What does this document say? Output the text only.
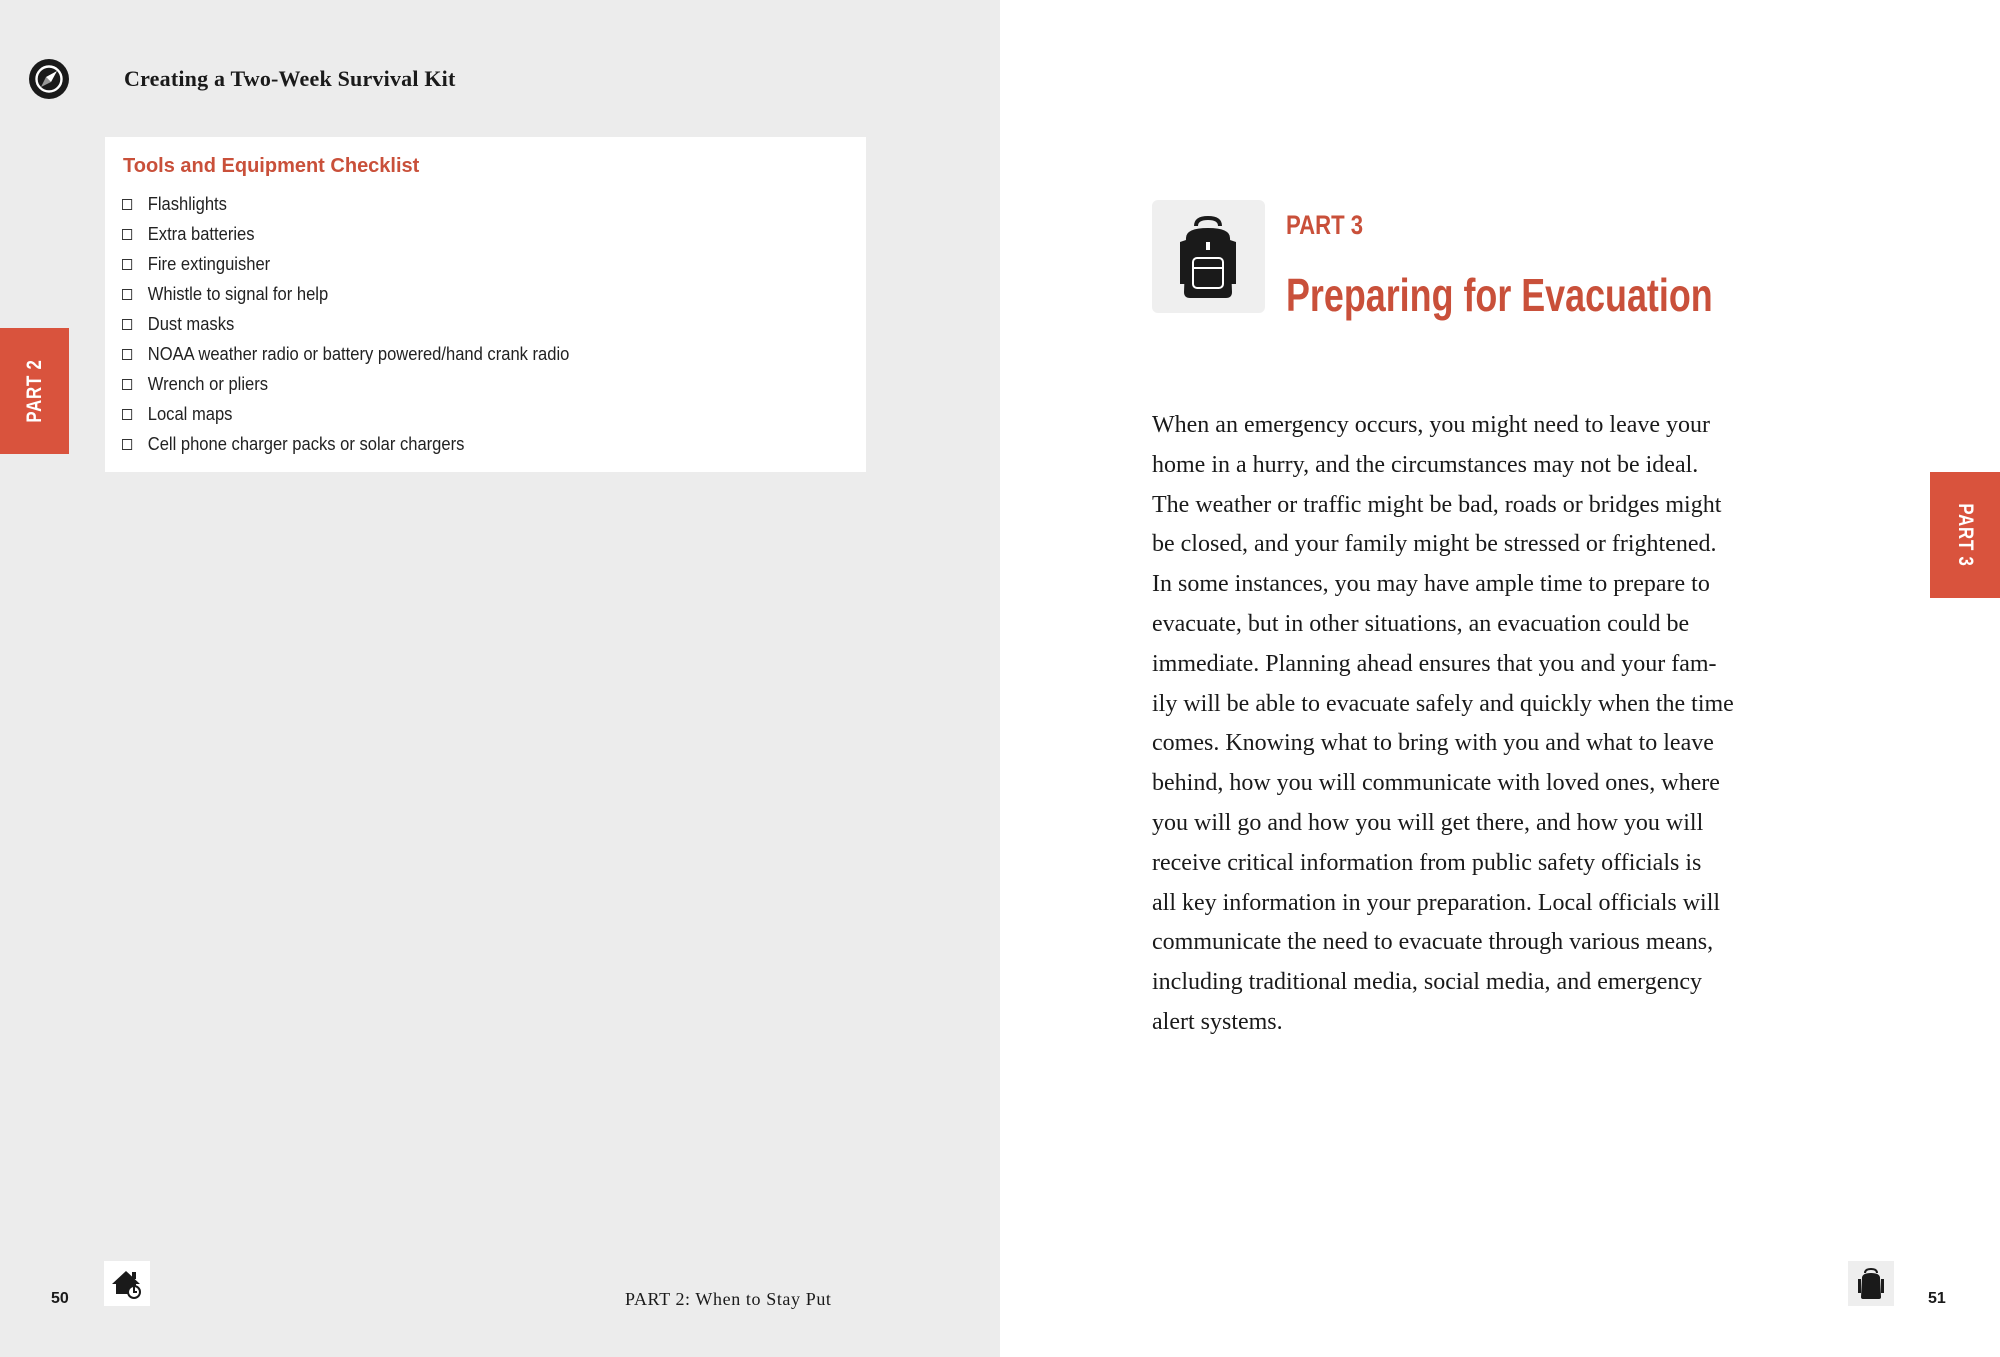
Creating a Two-Week Survival Kit
Tools and Equipment Checklist
Flashlights
Extra batteries
Fire extinguisher
Whistle to signal for help
Dust masks
NOAA weather radio or battery powered/hand crank radio
Wrench or pliers
Local maps
Cell phone charger packs or solar chargers
PART 2
50	PART 2: When to Stay Put
PART 3
Preparing for Evacuation

When an emergency occurs, you might need to leave your
home in a hurry, and the circumstances may not be ideal.
The weather or traffic might be bad, roads or bridges might
be closed, and your family might be stressed or frightened.
In some instances, you may have ample time to prepare to
evacuate, but in other situations, an evacuation could be
immediate. Planning ahead ensures that you and your fam-
ily will be able to evacuate safely and quickly when the time
comes. Knowing what to bring with you and what to leave
behind, how you will communicate with loved ones, where
you will go and how you will get there, and how you will
receive critical information from public safety officials is
all key information in your preparation. Local officials will
communicate the need to evacuate through various means,
including traditional media, social media, and emergency
alert systems.

PART 3
51
